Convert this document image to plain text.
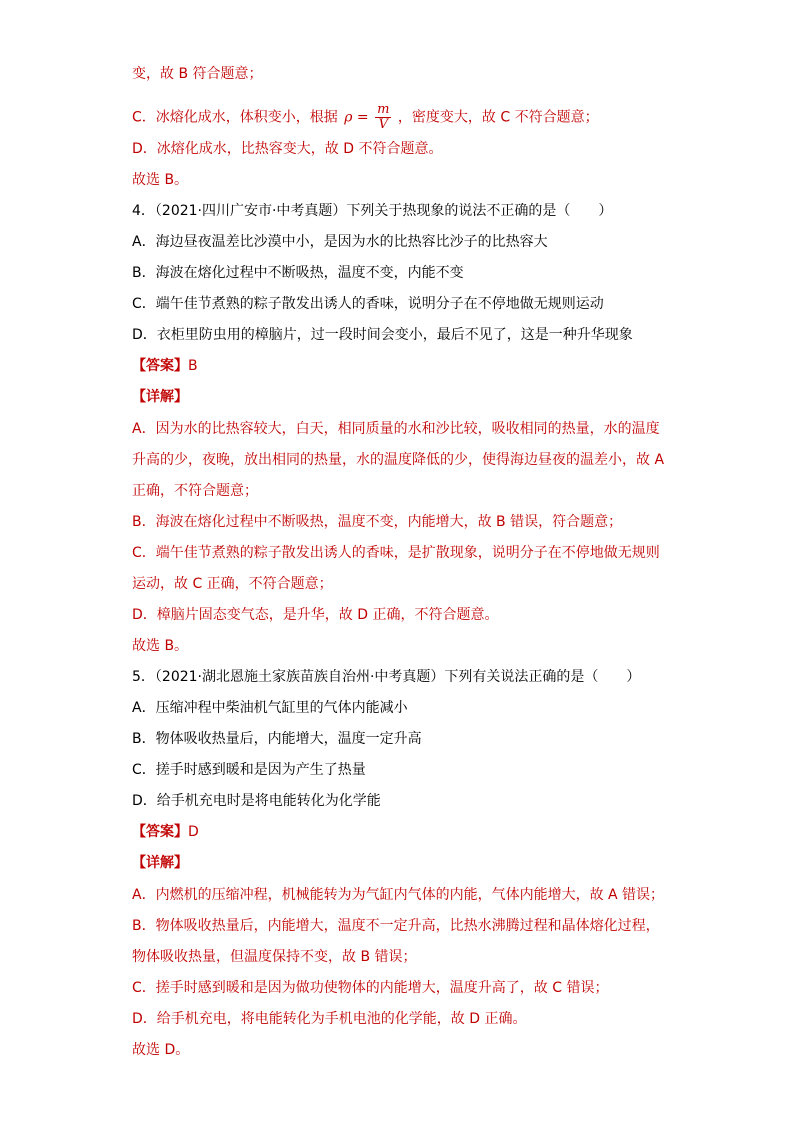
变，故 B 符合题意；
C．冰熔化成水，体积变小，根据 $\rho = \frac{m}{V}$ ，密度变大，故 C 不符合题意；
D．冰熔化成水，比热容变大，故 D 不符合题意。
故选 B。
4．（2021·四川广安市·中考真题）下列关于热现象的说法不正确的是（　　）
A．海边昼夜温差比沙漠中小，是因为水的比热容比沙子的比热容大
B．海波在熔化过程中不断吸热，温度不变，内能不变
C．端午佳节煮熟的粽子散发出诱人的香味，说明分子在不停地做无规则运动
D．衣柜里防虫用的樟脑片，过一段时间会变小，最后不见了，这是一种升华现象
【答案】B
【详解】
A．因为水的比热容较大，白天，相同质量的水和沙比较，吸收相同的热量，水的温度
升高的少，夜晚，放出相同的热量，水的温度降低的少，使得海边昼夜的温差小，故 A
正确，不符合题意；
B．海波在熔化过程中不断吸热，温度不变，内能增大，故 B 错误，符合题意；
C．端午佳节煮熟的粽子散发出诱人的香味，是扩散现象，说明分子在不停地做无规则
运动，故 C 正确，不符合题意；
D．樟脑片固态变气态，是升华，故 D 正确，不符合题意。
故选 B。
5．（2021·湖北恩施土家族苗族自治州·中考真题）下列有关说法正确的是（　　）
A．压缩冲程中柴油机气缸里的气体内能减小
B．物体吸收热量后，内能增大，温度一定升高
C．搓手时感到暖和是因为产生了热量
D．给手机充电时是将电能转化为化学能
【答案】D
【详解】
A．内燃机的压缩冲程，机械能转为为气缸内气体的内能，气体内能增大，故 A 错误；
B．物体吸收热量后，内能增大，温度不一定升高，比热水沸腾过程和晶体熔化过程，
物体吸收热量，但温度保持不变，故 B 错误；
C．搓手时感到暖和是因为做功使物体的内能增大，温度升高了，故 C 错误；
D．给手机充电，将电能转化为手机电池的化学能，故 D 正确。
故选 D。
